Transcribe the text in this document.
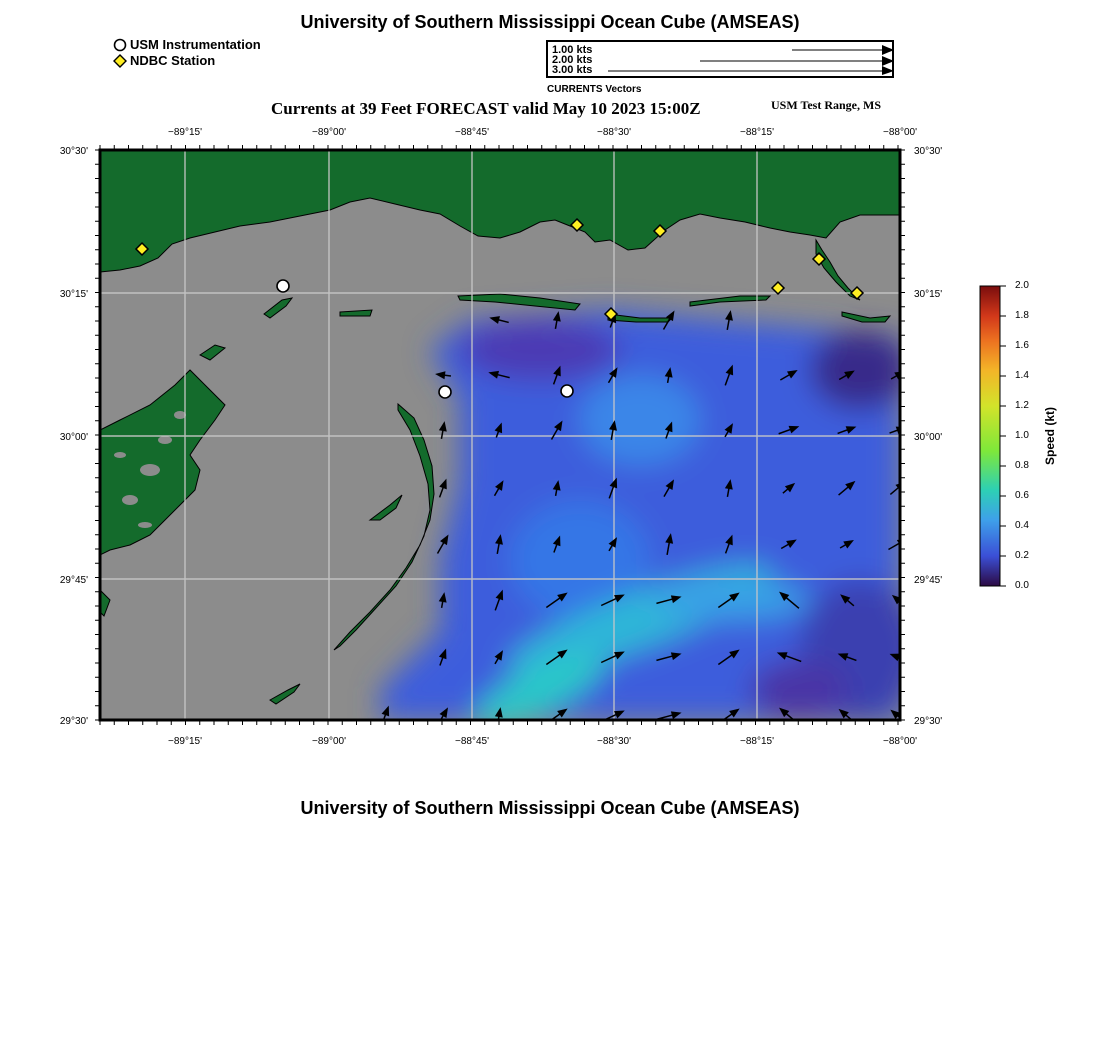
University of Southern Mississippi Ocean Cube (AMSEAS)
USM Instrumentation
NDBC Station
1.00 kts
2.00 kts
3.00 kts
CURRENTS Vectors
Currents at 39 Feet FORECAST valid May 10 2023 15:00Z	USM Test Range, MS
−89°15'	−89°00'	−88°45'	−88°30'	−88°15'	−88°00'
−89°15'	−89°00'	−88°45'	−88°30'	−88°15'	−88°00'
30°30'
30°15'
30°00'
29°45'
29°30'
30°30'
30°15'
30°00'
29°45'
29°30'
2.0
1.8
1.6
1.4
1.2
1.0
0.8
0.6
0.4
0.2
0.0
Speed (kt)
University of Southern Mississippi Ocean Cube (AMSEAS)
